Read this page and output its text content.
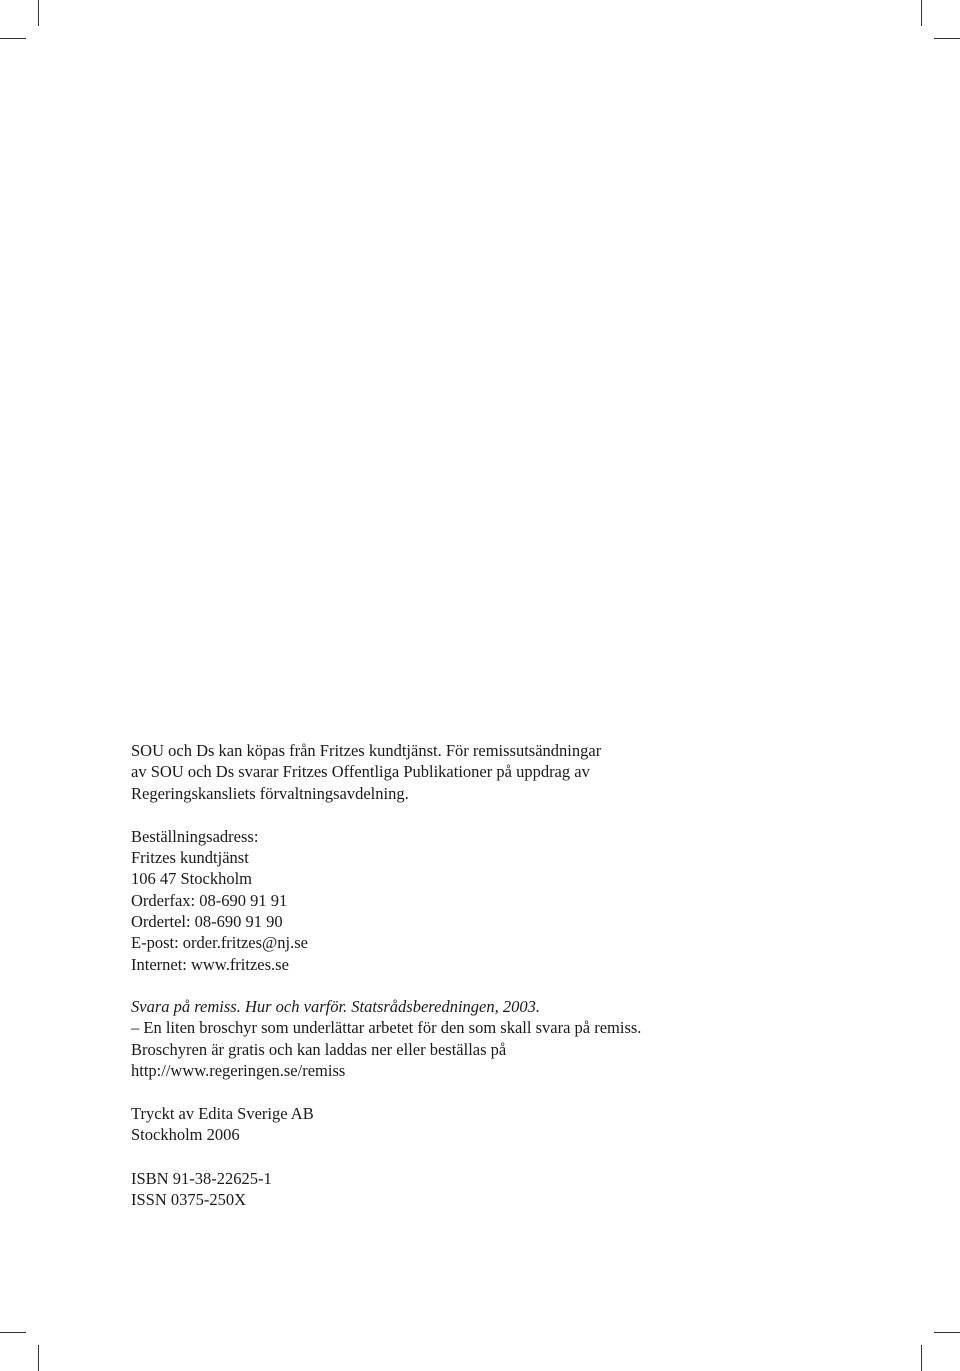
SOU och Ds kan köpas från Fritzes kundtjänst. För remissutsändningar

av SOU och Ds svarar Fritzes Offentliga Publikationer på uppdrag av

Regeringskansliets förvaltningsavdelning.

Beställningsadress:

Fritzes kundtjänst

106 47 Stockholm

Orderfax: 08-690 91 91

Ordertel: 08-690 91 90

E-post: order.fritzes@nj.se

Internet: www.fritzes.se

Svara på remiss. Hur och varför. Statsrådsberedningen, 2003.

– En liten broschyr som underlättar arbetet för den som skall svara på remiss.

Broschyren är gratis och kan laddas ner eller beställas på

http://www.regeringen.se/remiss

Tryckt av Edita Sverige AB

Stockholm 2006

ISBN 91-38-22625-1

ISSN 0375-250X
